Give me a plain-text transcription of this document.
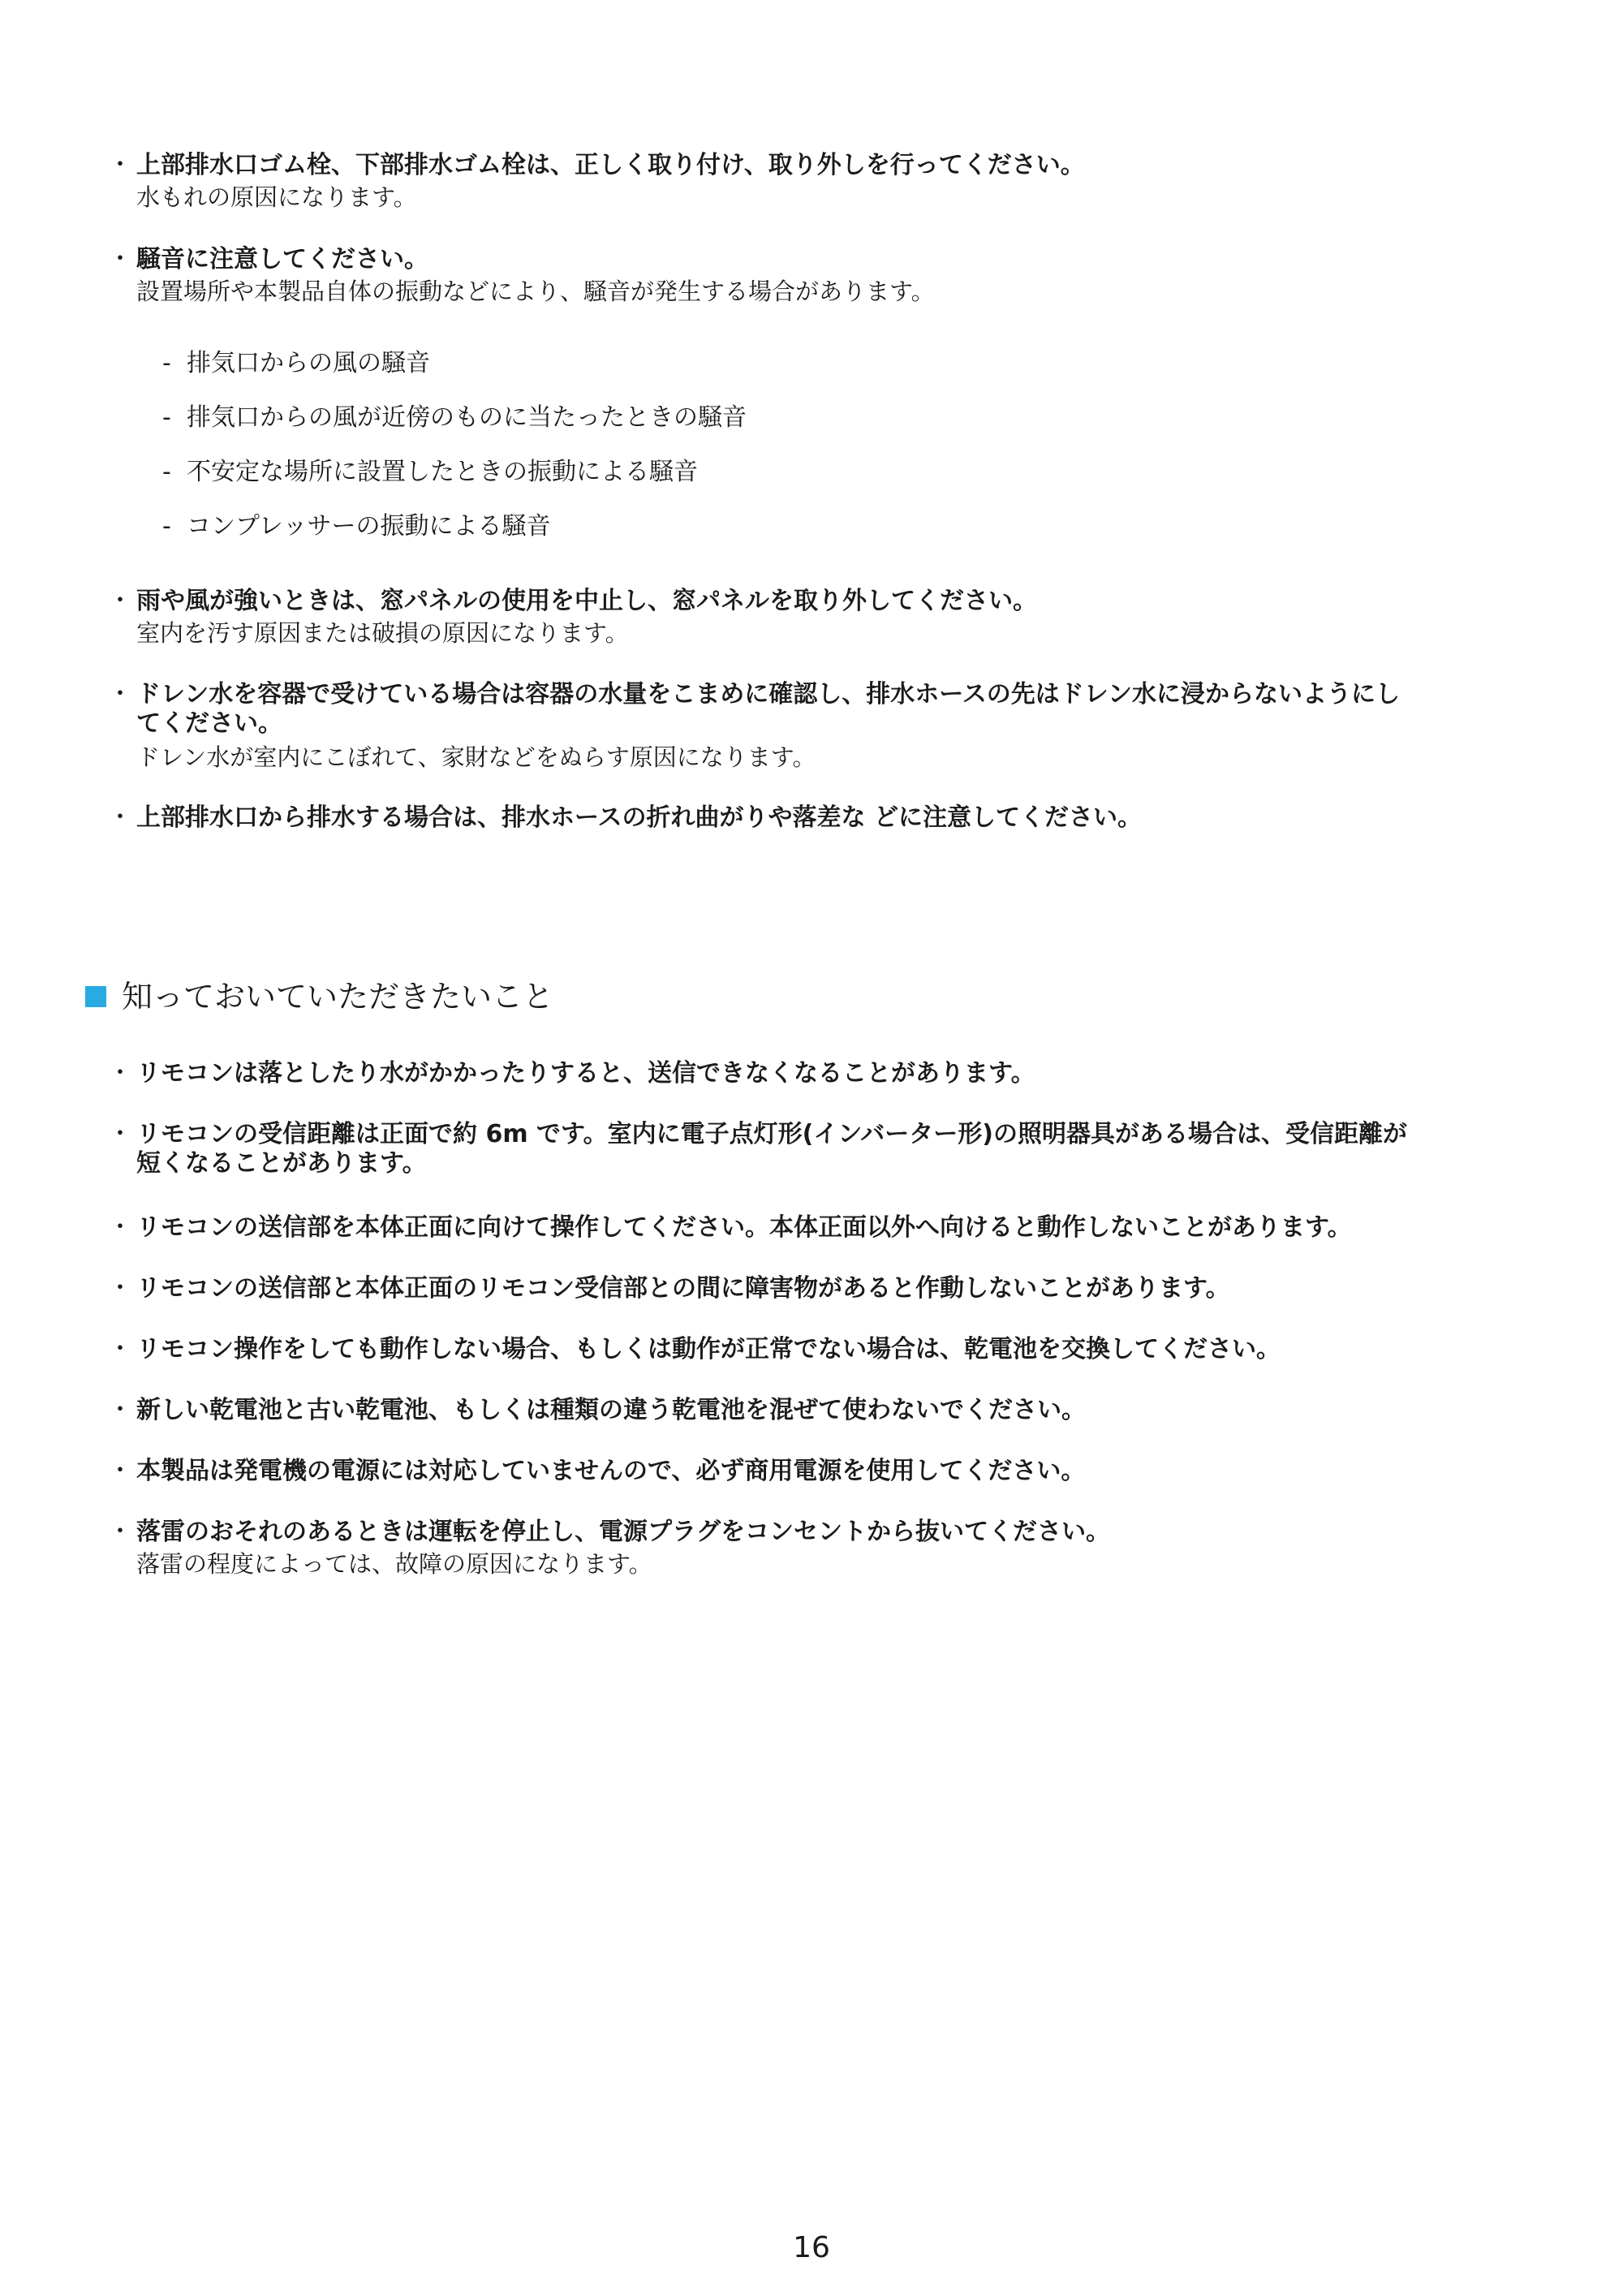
・ 上部排水口ゴム栓、下部排水ゴム栓は、正しく取り付け、取り外しを行ってください。
水もれの原因になります。
・ 騒音に注意してください。
設置場所や本製品自体の振動などにより、騒音が発生する場合があります。
- 排気口からの風の騒音
- 排気口からの風が近傍のものに当たったときの騒音
- 不安定な場所に設置したときの振動による騒音
- コンプレッサーの振動による騒音
・ 雨や風が強いときは、窓パネルの使用を中止し、窓パネルを取り外してください。
室内を汚す原因または破損の原因になります。
・ ドレン水を容器で受けている場合は容器の水量をこまめに確認し、排水ホースの先はドレン水に浸からないようにし
てください。
ドレン水が室内にこぼれて、家財などをぬらす原因になります。
・ 上部排水口から排水する場合は、排水ホースの折れ曲がりや落差な どに注意してください。
知っておいていただきたいこと
・ リモコンは落としたり水がかかったりすると、送信できなくなることがあります。
・ リモコンの受信距離は正面で約 6m です。室内に電子点灯形(インバーター形)の照明器具がある場合は、受信距離が
短くなることがあります。
・ リモコンの送信部を本体正面に向けて操作してください。本体正面以外へ向けると動作しないことがあります。
・ リモコンの送信部と本体正面のリモコン受信部との間に障害物があると作動しないことがあります。
・ リモコン操作をしても動作しない場合、もしくは動作が正常でない場合は、乾電池を交換してください。
・ 新しい乾電池と古い乾電池、もしくは種類の違う乾電池を混ぜて使わないでください。
・ 本製品は発電機の電源には対応していませんので、必ず商用電源を使用してください。
・ 落雷のおそれのあるときは運転を停止し、電源プラグをコンセントから抜いてください。
落雷の程度によっては、故障の原因になります。
16
